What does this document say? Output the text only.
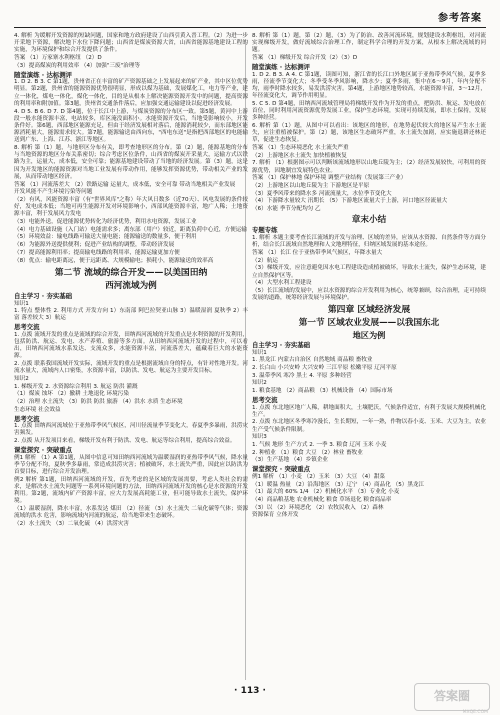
参考答案
4. 解析 为缓解开发资源的短缺问题，国家和地方政府建设了山西引黄入晋工程。（2）为进一步开采地下资源，解决地下水位下降问题；山西省是煤炭资源大省，山西省能源基地建设工程的实施，为环境保护和综合开发提供了条件。
答案 （1）万家寨水利枢纽 （2）D
（3）提高煤炭的利用效率 （4）加强"三废"治理等
随堂演练 · 达标测评
1. D 2. B 3. C 第1题，贵州省正在丰富的矿产资源基础之上发展起来的矿产业，其中区位优势明显。第2题，贵州省的能源资源优势很明显，形成以煤为基础，发展煤化工，电力等产业，建立一体化，煤电一体化，煤化一体化，目的是从根本上解决能源资源开发中的问题，提高资源的利用率和附加值。第3题，贵州省交通条件落后，应加强交通运输建设以促进经济发展。
4. D 5. B 6. D 7. D 第4题，位于长江中上游，与煤炭资源的分布区一致。第5题，黄河中上游段一般水能资源丰富，电站较多，库区淹没面积小。水能资源开发后，当地受影响较小，开发条件好。第6题，西部地区能源充足，但由于经济发展相对落后，能源消耗较少，而东部地区能源消耗量大，能源需求较大。第7题，能源输送由西向东，"西电东送"是指把西部地区的电能输送到广东、上海、江苏、浙江等地区。
8. 解析 第（1）题，与地形区分布有关，即考查地形区的分布。第（2）题，能源基地的分布与当地资源的地区分布关系密切；综合考虑区位条件，山西省的煤炭开采量大，运输方式以铁路为主，运量大，成本低，安全可靠；能源基地建设带动了当地的经济发展。第（3）题，这是因为开发地区的能源资源对当地工业发展有带动作用，能够发挥资源优势，带动相关产业的发展，从而带动地区经济。
答案 （1）河流落差大 （2）铁路运输 运量大，成本低，安全可靠 带动当地相关产业发展
开发风能不产生环境污染等问题
（2）有风，风能资源丰富（有"世界风库"之称）年大风日数多（近70天）、风电发展的条件较好，发电成本低；当地可再生能源开发对环境影响小，西部风能资源丰富，地广人稀；土地资源丰富，利于发展风力发电
（3）电能外送，促进能源优势转化为经济优势，利用水电资源，发展工业
（4）电力基础设施（入门站）电能需求多；离东部（用户）较近，距离负荷中心近，方便运输
（5）环境效益：输电线路可输送大量电能；能源输送的数量多，便于利用
（6）为能源外送提供便利；促进产业结构的调整，带动经济发展
（7）提高能源利用率；提高输电线路的利用率，能源运输更加方便
（8）优点：输电距离远，便于远距离、大规模输电；损耗小，能源输送的效率高
第二节 流域的综合开发——以美国田纳
西河流域为例
自主学习 · 夯实基础
知识1
1. 特点 整体性 2. 利用方式 开发方向 1）东南部 阿巴拉契亚山脉 3）温暖湿润 夏秋季 2）丰富 落差较大 3）航运
思考交流
1. 点拨 流域开发的重点是流域的综合开发，田纳西河流域的开发重点是水利资源的开发利用，包括防洪、航运、发电、水产养殖、旅游等多方面。从田纳西河流域开发的过程中，可以看出，田纳西河流域水系发达、支流众多，水能资源丰富，河流落差大，蕴藏着巨大的水能资源。
2. 点拨 联系我国流域开发实际，流域开发的重点是根据流域自身的特点，有针对性地开发。河流水量大，流域内人口密集，水资源丰富，以防洪、发电、航运为主要开发目标。
知识2
1. 梯级开发 2. 水资源综合利用 3. 航运 防洪 灌溉
（1）煤炭 蚀坏 （2）撤耕 土地退化 环境污染
（2）治理 水土流失 （3）防洪 防洪 旅游 （4）洪水 水质 生态环境
生态环境 社会效益
思考交流
1. 点拨 田纳西河流域位于亚热带季风气候区，河川径流量季节变化大，春夏季多暴雨，洪涝灾害频发。
2. 点拨 从开发项目来看，梯级开发有利于防洪、发电、航运等综合利用，提高综合效益。
课堂探究 · 突破重点
例1 解析 （1）A 第1题，从图中信息可知田纳西河流域为温暖湿润的亚热带季风气候，降水量季节分配不均，夏秋季多暴雨，常造成洪涝灾害；植被破坏，水土流失严重，因此应以防洪为首要目标，进行综合开发治理。
例2 解析 第1题，田纳西河流域的开发，首先考虑的是区域的发展需要，考虑人类社会的需求，是解决水土流失问题等一系列环境问题的方法，田纳西河流域开发的核心是水资源的开发利用。第2题，流域内矿产资源丰富，应大力发展高耗能工业，但可能导致水土流失，保护环境。
（1）温暖湿润，降水丰富，水系发达 煤田 （2）径流 （3）水土流失 二氧化碳等气体；资源流域的洪水 危害，影响流域内河流的航运，给当地带来生态破坏。
（2）水土流失 （3）二氧化硫 （4）洪涝灾害
8. 解析 第（1）题，第（2）题，（3）为了防治、改善河流环境，规划建设水利枢纽，对河流实现梯级开发，做好流域综合治理工作，制定科学合理的开发方案，从根本上解决流域的问题。
答案 （1）梯级开发 综合开发（2）（3）D
随堂演练 · 达标测评
1. D 2. B 3. A 4. C 第1题，读图可知，浙江省的长江口外地区属于亚热带季风气候，夏季多雨，径流季节变化大；冬季受冬季风影响，降水少；夏季多雨，集中在6～9月，年内分配不均，雨季时降水较多，易发洪涝灾害。第4题，上游地区地势较高，水能资源丰富，3～12月，年径流变化大，调节作用明显。
5. C 5. D 第4题，田纳西河流域管理局将梯级开发作为开发的重点，把防洪、航运、发电放在首位，同时利用河流资源优势发展工业，保护生态环境，实现可持续发展，即水土保持，发展多种经营。
6. 解析 第（1）题，从图中可以看出：该地区的地形，在地势起伏较大的地区易产生水土流失，应注重植被保护。第（2）题，该地区生态破坏严重，水土流失加剧，应实施退耕还林还草，促进生态恢复。
答案 （1）生态环境恶化 水土流失严重
（2）上游地区水土流失 加快植被恢复
7. 解析 （1）根据图示可以判断该流域地形以山地丘陵为主；（2）经济发展较快，可利用的资源优势，因地制宜发展特色农业。
答案 （1）保护林地 保护环境 调整产业结构（发展第三产业）
（2）上游地区以山地丘陵为主 下游地区是平原
（3）夏季风带来的降水多 河流流量大，水位季节变化大
（4）下游降水量较大 汛期长 （5）下游地区流量大于上游，河口地区径流量大
（6）水能 季节分配均匀 乙
章末小结
专题专练
1. 解析 本题主要考查长江流域的开发与治理、区域的差异，应该从水资源、自然条件等方面分析，结合长江流域自然地理和人文地理特征，归纳区域发展的基本途径。
答案 （1）长江 位于亚热带季风气候区，年降水量大
（2）航运
（3）梯级开发，应注意避免因水电工程建设造成植被破坏，导致水土流失，保护生态环境，建立自然保护区等。
（4）大型水利工程建设
（5）长江流域的发展中，应以水资源的综合开发利用为核心，统筹兼顾，综合治理，走可持续发展的道路，统筹经济发展与环境保护。
第四章 区域经济发展
第一节 区域农业发展——以我国东北
地区为例
自主学习 · 夯实基础
知识1
1. 黑龙江 内蒙古自治区 自然地域 商品粮 畜牧业
2. 长白山 小兴安岭 大兴安岭 三江平原 松嫩平原 辽河平原
3. 温带季风 寒冷 黑土 4. 平原 多种经营
知识2
1. 粮食基地 （2）商品粮 （3）机械设备 （4）国际市场
思考交流
1. 点拨 东北地区地广人稀，耕地面积大，土壤肥沃，气候条件适宜，有利于发展大规模机械化生产。
2. 点拨 东北地区冬季寒冷漫长，生长期短，一年一熟，作物以春小麦、玉米、大豆为主，农业生产受气候条件限制。
知识3
1. 气候 地形 生产方式 2. 一季 3. 粮食 辽河 玉米 小麦
2. 种植业 （1）粮食 大豆 （2）林业 畜牧业
（3）生产基地 （4）乡镇企业
课堂探究 · 突破重点
例1 解析 （1）小麦 （2）玉米 （3）大豆 （4）甜菜
（1）暖温 热量 （2）沿海地区 （3）辽宁 （4）商品化 （5）黑龙江
（1）最大的 60% 1/4 （2）机械化水平 （3）专业化 小麦
（4）商品粮基地 农业机械化 粮食 草场退化 粮食商品率
（3）以 （2）环境恶化 （2）农牧民收入 （2）森林
资源保育 立体开发
· 113 ·	答案圈
MXQE.COM
